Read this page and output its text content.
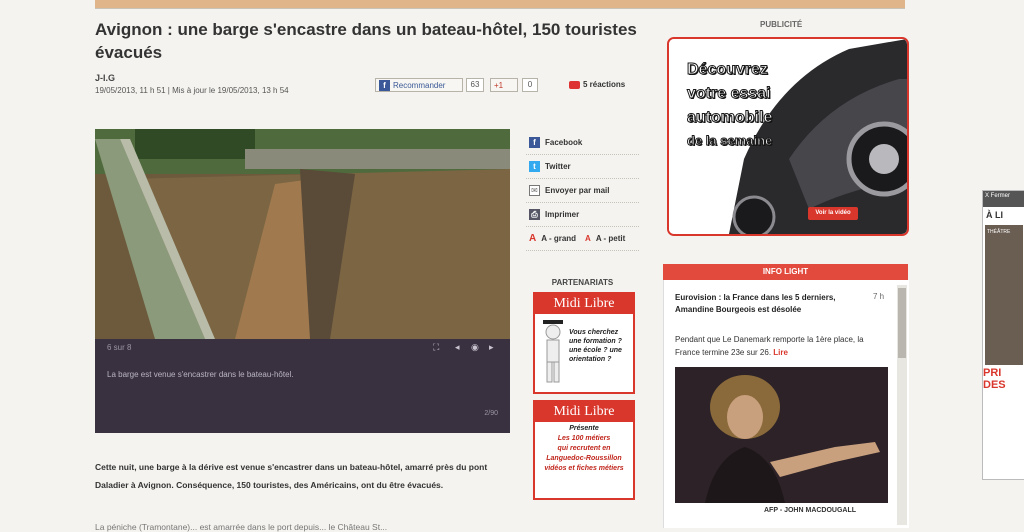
Avignon : une barge s'encastre dans un bateau-hôtel, 150 touristes évacués
J-I.G
19/05/2013, 11 h 51 | Mis à jour le 19/05/2013, 13 h 54
f Recommander	63	+1	0	5 réactions
6 sur 8	⛶ ◂ ◉ ▸
La barge est venue s'encastrer dans le bateau-hôtel.
2/90
f	Facebook
t	Twitter
✉ Envoyer par mail
⎙ Imprimer
A A - grand A A - petit
PARTENARIATS
Midi Libre
Vous cherchez une formation ? une école ? une orientation ?
Midi Libre
Présente
Les 100 métiers
qui recrutent en
Languedoc-Roussillon
vidéos et fiches métiers
Cette nuit, une barge à la dérive est venue s'encastrer dans un bateau-hôtel, amarré près du pont Daladier à Avignon. Conséquence, 150 touristes, des Américains, ont du être évacués.
La péniche (Tramontane)... est amarrée dans le port depuis... le Château St...
PUBLICITÉ
Découvrez
votre essai
automobile
de la semaine
Voir la vidéo
INFO LIGHT
Eurovision : la France dans les 5 derniers, Amandine Bourgeois est désolée
7 h
Pendant que Le Danemark remporte la 1ère place, la France termine 23e sur 26. Lire
AFP - JOHN MACDOUGALL
X Fermer
À LI
THÉÂTRE
PRI
DES
